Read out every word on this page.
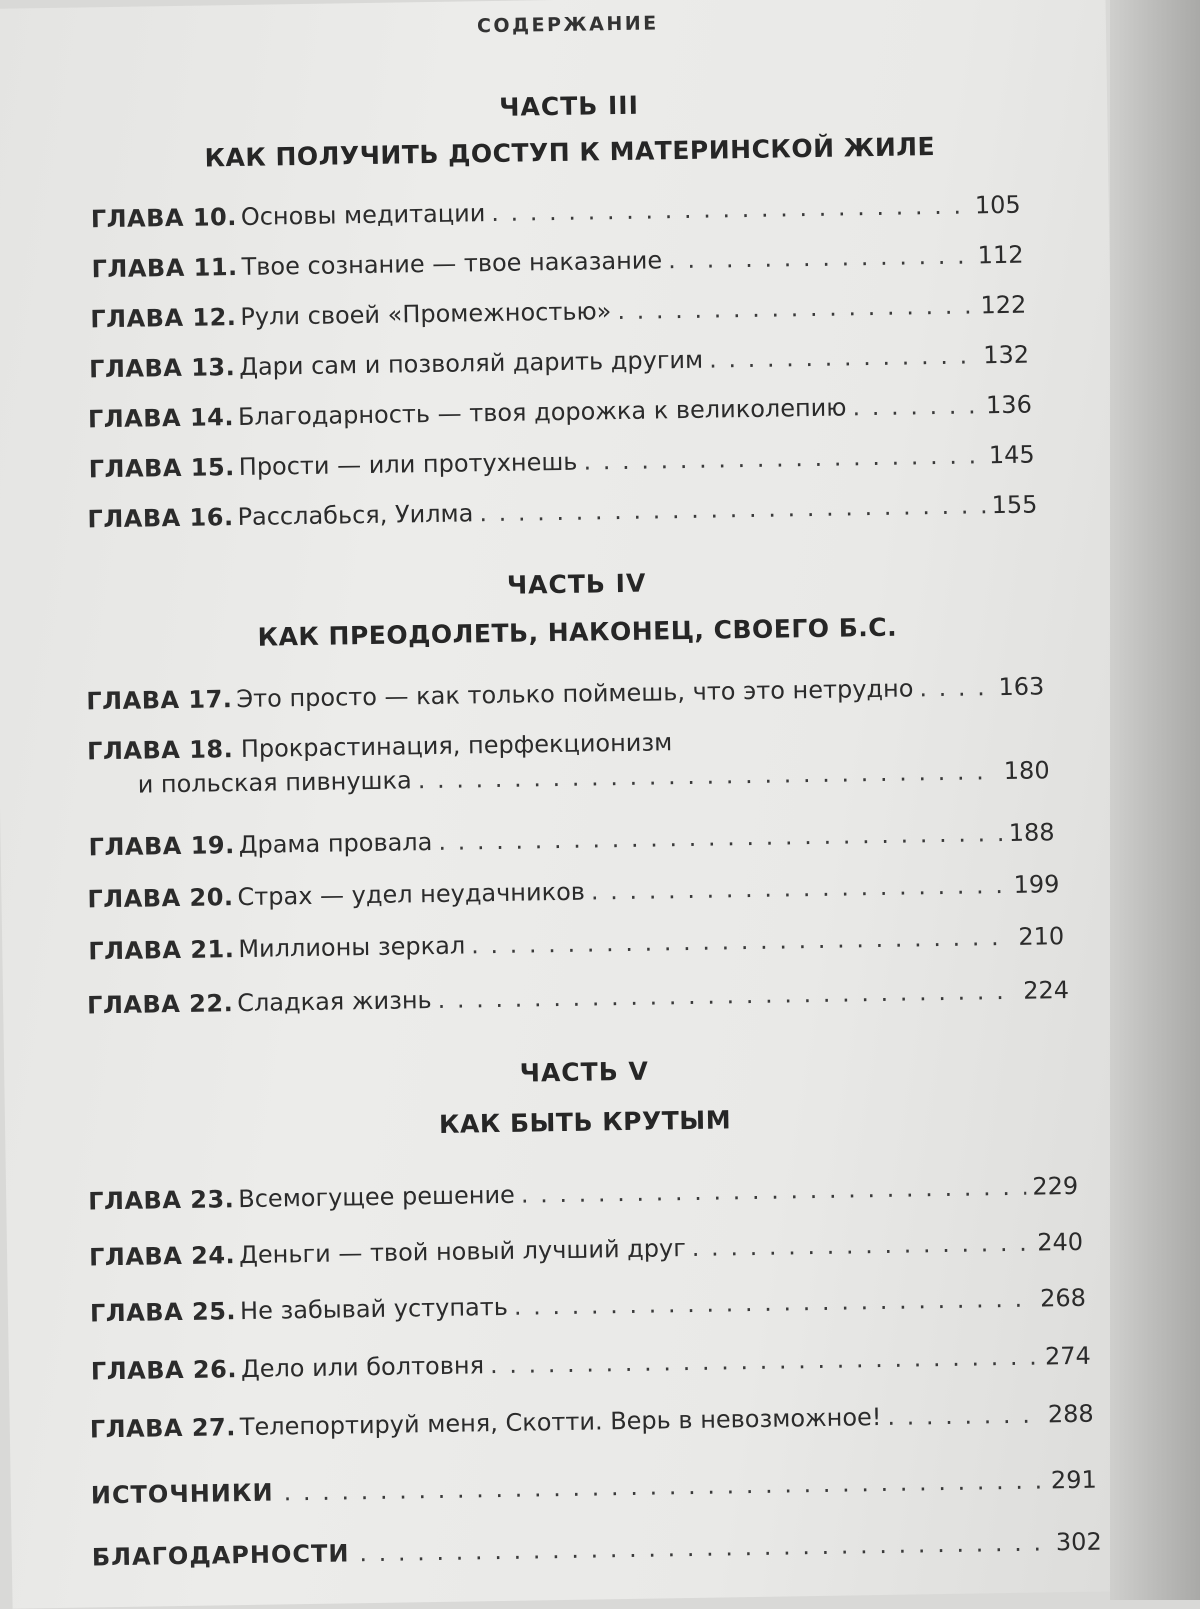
СОДЕРЖАНИЕ
ЧАСТЬ III
КАК ПОЛУЧИТЬ ДОСТУП К МАТЕРИНСКОЙ ЖИЛЕ
ГЛАВА 10. Основы медитации . . .	105
ГЛАВА 11. Твое сознание — твое наказание . . .	112
ГЛАВА 12. Рули своей «Промежностью» . . .	122
ГЛАВА 13. Дари сам и позволяй дарить другим . . .	132
ГЛАВА 14. Благодарность — твоя дорожка к великолепию . . .	136
ГЛАВА 15. Прости — или протухнешь . . .	145
ГЛАВА 16. Расслабься, Уилма . . .	155
ЧАСТЬ IV
КАК ПРЕОДОЛЕТЬ, НАКОНЕЦ, СВОЕГО Б.С.
ГЛАВА 17. Это просто — как только поймешь, что это нетрудно . . .	163
ГЛАВА 18. Прокрастинация, перфекционизм
и польская пивнушка . . .	180
ГЛАВА 19. Драма провала . . .	188
ГЛАВА 20. Страх — удел неудачников . . .	199
ГЛАВА 21. Миллионы зеркал . . .	210
ГЛАВА 22. Сладкая жизнь . . .	224
ЧАСТЬ V
КАК БЫТЬ КРУТЫМ
ГЛАВА 23. Всемогущее решение . . .	229
ГЛАВА 24. Деньги — твой новый лучший друг . . .	240
ГЛАВА 25. Не забывай уступать . . .	268
ГЛАВА 26. Дело или болтовня . . .	274
ГЛАВА 27. Телепортируй меня, Скотти. Верь в невозможное! . . .	288
ИСТОЧНИКИ . . .	291
БЛАГОДАРНОСТИ . . .	302
